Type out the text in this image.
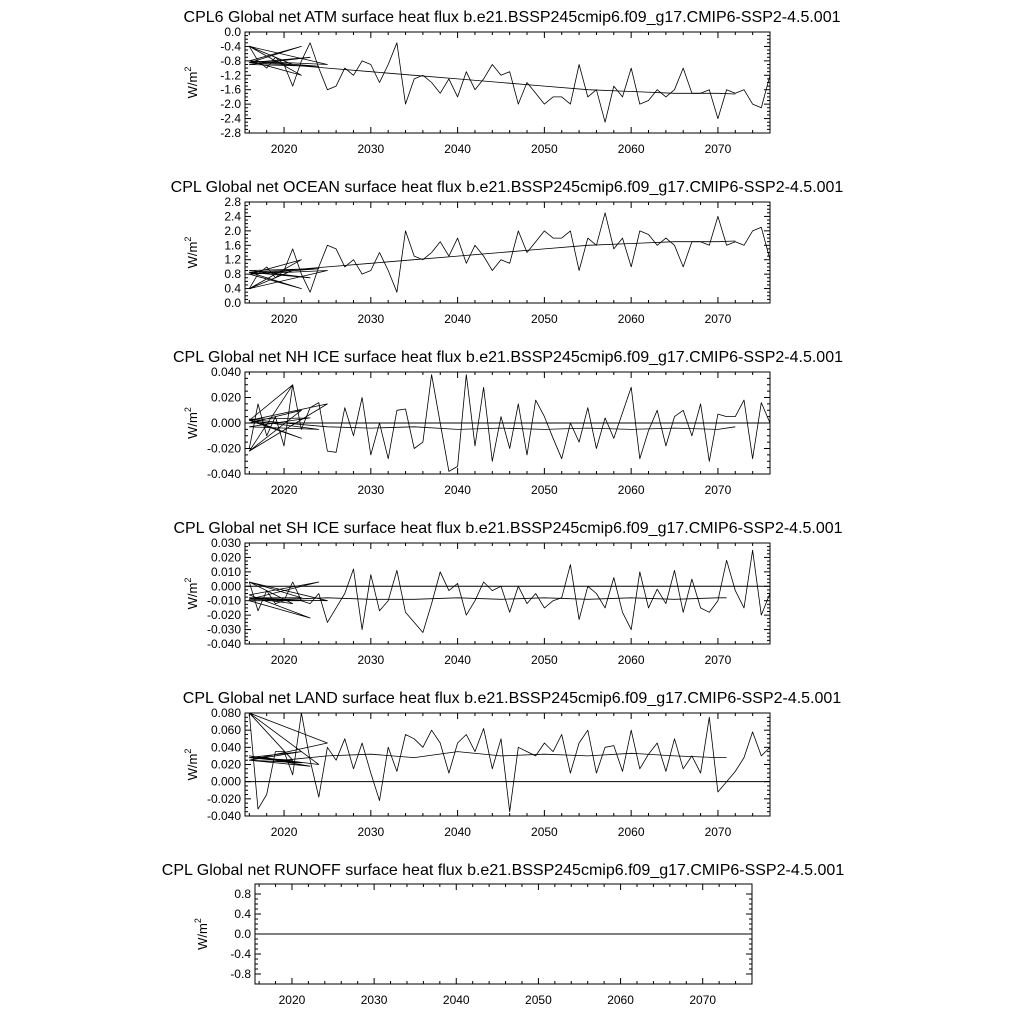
CPL6 Global net ATM surface heat flux b.e21.BSSP245cmip6.f09_g17.CMIP6-SSP2-4.5.001
0.0
-0.4
-0.8
-1.2
-1.6
-2.0
-2.4
-2.8
2020	2030	2040	2050	2060	2070
$W/m^2$
CPL Global net OCEAN surface heat flux b.e21.BSSP245cmip6.f09_g17.CMIP6-SSP2-4.5.001
2.8
2.4
2.0
1.6
1.2
0.8
0.4
0.0
2020	2030	2040	2050	2060	2070
$W/m^2$
CPL Global net NH ICE surface heat flux b.e21.BSSP245cmip6.f09_g17.CMIP6-SSP2-4.5.001
0.040
0.020
0.000
-0.020
-0.040
2020	2030	2040	2050	2060	2070
$W/m^2$
CPL Global net SH ICE surface heat flux b.e21.BSSP245cmip6.f09_g17.CMIP6-SSP2-4.5.001
0.030
0.020
0.010
0.000
-0.010
-0.020
-0.030
-0.040
2020	2030	2040	2050	2060	2070
$W/m^2$
CPL Global net LAND surface heat flux b.e21.BSSP245cmip6.f09_g17.CMIP6-SSP2-4.5.001
0.080
0.060
0.040
0.020
0.000
-0.020
-0.040
2020	2030	2040	2050	2060	2070
$W/m^2$
CPL Global net RUNOFF surface heat flux b.e21.BSSP245cmip6.f09_g17.CMIP6-SSP2-4.5.001
0.8
0.4
0.0
-0.4
-0.8
2020	2030	2040	2050	2060	2070
$W/m^2$
